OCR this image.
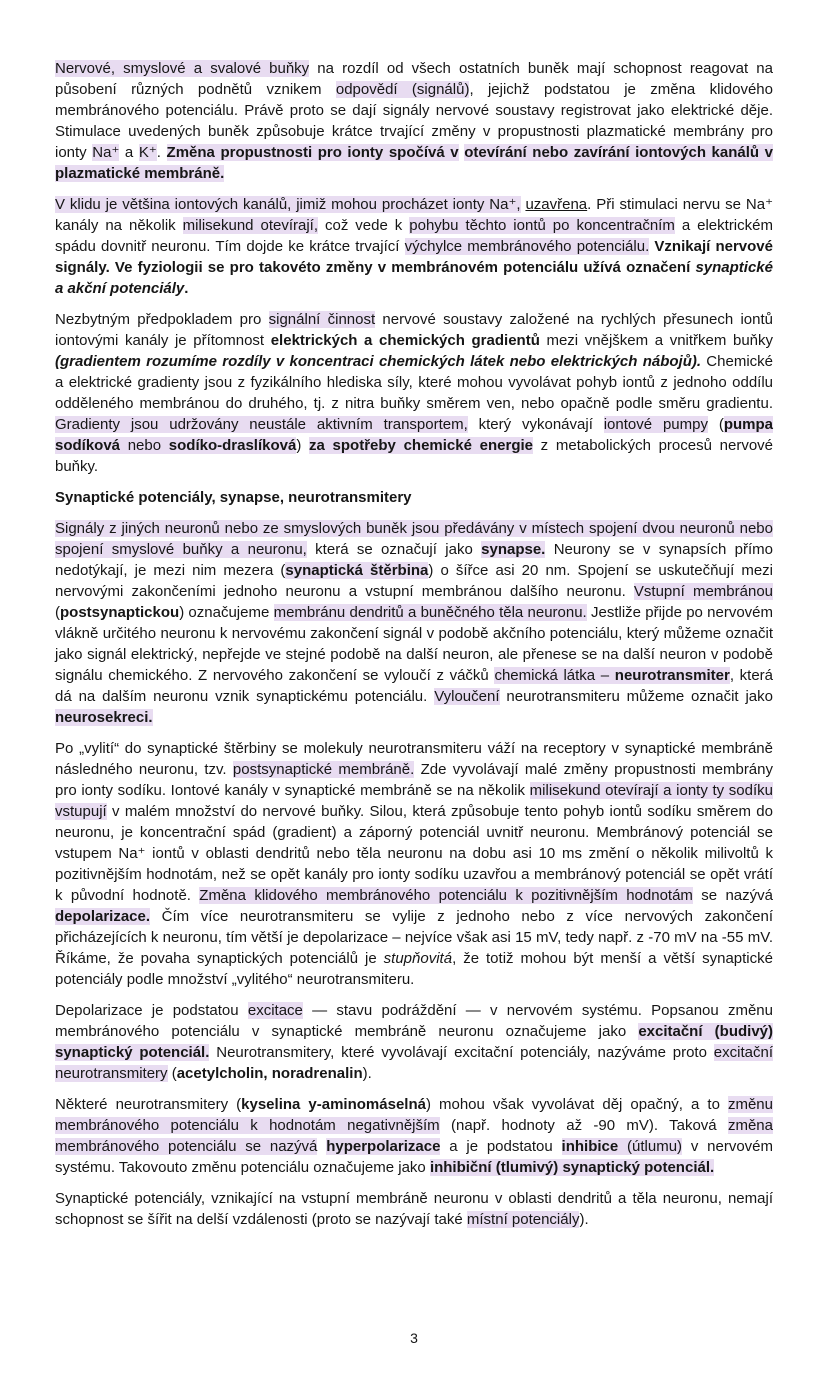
Nervové, smyslové a svalové buňky na rozdíl od všech ostatních buněk mají schopnost reagovat na působení různých podnětů vznikem odpovědí (signálů), jejichž podstatou je změna klidového membránového potenciálu. Právě proto se dají signály nervové soustavy registrovat jako elektrické děje. Stimulace uvedených buněk způsobuje krátce trvající změny v propustnosti plazmatické membrány pro ionty Na⁺ a K⁺. Změna propustnosti pro ionty spočívá v otevírání nebo zavírání iontových kanálů v plazmatické membráně.

V klidu je většina iontových kanálů, jimiž mohou procházet ionty Na⁺, uzavřena. Při stimulaci nervu se Na⁺ kanály na několik milisekund otevírají, což vede k pohybu těchto iontů po koncentračním a elektrickém spádu dovnitř neuronu. Tím dojde ke krátce trvající výchylce membránového potenciálu. Vznikají nervové signály. Ve fyziologii se pro takovéto změny v membránovém potenciálu užívá označení synaptické a akční potenciály.

Nezbytným předpokladem pro signální činnost nervové soustavy založené na rychlých přesunech iontů iontovými kanály je přítomnost elektrických a chemických gradientů mezi vnějškem a vnitřkem buňky (gradientem rozumíme rozdíly v koncentraci chemických látek nebo elektrických nábojů). Chemické a elektrické gradienty jsou z fyzikálního hlediska síly, které mohou vyvolávat pohyb iontů z jednoho oddílu odděleného membránou do druhého, tj. z nitra buňky směrem ven, nebo opačně podle směru gradientu. Gradienty jsou udržovány neustále aktivním transportem, který vykonávají iontové pumpy (pumpa sodíková nebo sodíko-draslíková) za spotřeby chemické energie z metabolických procesů nervové buňky.

Synaptické potenciály, synapse, neurotransmitery

Signály z jiných neuronů nebo ze smyslových buněk jsou předávány v místech spojení dvou neuronů nebo spojení smyslové buňky a neuronu, která se označují jako synapse. Neurony se v synapsích přímo nedotýkají, je mezi nim mezera (synaptická štěrbina) o šířce asi 20 nm. Spojení se uskutečňují mezi nervovými zakončeními jednoho neuronu a vstupní membránou dalšího neuronu. Vstupní membránou (postsynaptickou) označujeme membránu dendritů a buněčného těla neuronu. Jestliže přijde po nervovém vlákně určitého neuronu k nervovému zakončení signál v podobě akčního potenciálu, který můžeme označit jako signál elektrický, nepřejde ve stejné podobě na další neuron, ale přenese se na další neuron v podobě signálu chemického. Z nervového zakončení se vyloučí z váčků chemická látka – neurotransmiter, která dá na dalším neuronu vznik synaptickému potenciálu. Vyloučení neurotransmiteru můžeme označit jako neurosekreci.

Po „vylití“ do synaptické štěrbiny se molekuly neurotransmiteru váží na receptory v synaptické membráně následného neuronu, tzv. postsynaptické membráně. Zde vyvolávají malé změny propustnosti membrány pro ionty sodíku. Iontové kanály v synaptické membráně se na několik milisekund otevírají a ionty ty sodíku vstupují v malém množství do nervové buňky. Silou, která způsobuje tento pohyb iontů sodíku směrem do neuronu, je koncentrační spád (gradient) a záporný potenciál uvnitř neuronu. Membránový potenciál se vstupem Na⁺ iontů v oblasti dendritů nebo těla neuronu na dobu asi 10 ms změní o několik milivoltů k pozitivnějším hodnotám, než se opět kanály pro ionty sodíku uzavřou a membránový potenciál se opět vrátí k původní hodnotě. Změna klidového membránového potenciálu k pozitivnějším hodnotám se nazývá depolarizace. Čím více neurotransmiteru se vylije z jednoho nebo z více nervových zakončení přicházejících k neuronu, tím větší je depolarizace – nejvíce však asi 15 mV, tedy např. z -70 mV na -55 mV. Říkáme, že povaha synaptických potenciálů je stupňovitá, že totiž mohou být menší a větší synaptické potenciály podle množství „vylitého“ neurotransmiteru.

Depolarizace je podstatou excitace — stavu podráždění — v nervovém systému. Popsanou změnu membránového potenciálu v synaptické membráně neuronu označujeme jako excitační (budivý) synaptický potenciál. Neurotransmitery, které vyvolávají excitační potenciály, nazýváme proto excitační neurotransmitery (acetylcholin, noradrenalin).

Některé neurotransmitery (kyselina y-aminomáselná) mohou však vyvolávat děj opačný, a to změnu membránového potenciálu k hodnotám negativnějším (např. hodnoty až -90 mV). Taková změna membránového potenciálu se nazývá hyperpolarizace a je podstatou inhibice (útlumu) v nervovém systému. Takovouto změnu potenciálu označujeme jako inhibiční (tlumivý) synaptický potenciál.

Synaptické potenciály, vznikající na vstupní membráně neuronu v oblasti dendritů a těla neuronu, nemají schopnost se šířit na delší vzdálenosti (proto se nazývají také místní potenciály).

3
